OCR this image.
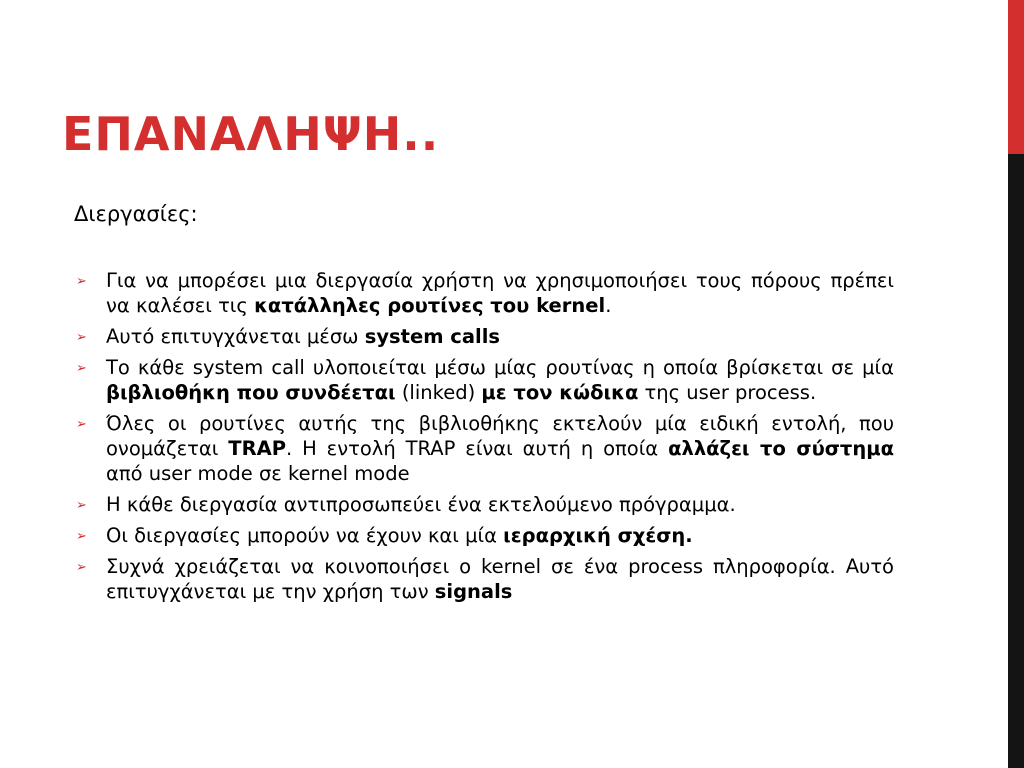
ΕΠΑΝΑΛΗΨΗ..

Διεργασίες:

➢ Για να μπορέσει μια διεργασία χρήστη να χρησιμοποιήσει τους πόρους πρέπει να καλέσει τις κατάλληλες ρουτίνες του kernel.
➢ Αυτό επιτυγχάνεται μέσω system calls
➢ Το κάθε system call υλοποιείται μέσω μίας ρουτίνας η οποία βρίσκεται σε μία βιβλιοθήκη που συνδέεται (linked) με τον κώδικα της user process.
➢ Όλες οι ρουτίνες αυτής της βιβλιοθήκης εκτελούν μία ειδική εντολή, που ονομάζεται TRAP. Η εντολή TRAP είναι αυτή η οποία αλλάζει το σύστημα από user mode σε kernel mode
➢ Η κάθε διεργασία αντιπροσωπεύει ένα εκτελούμενο πρόγραμμα.
➢ Οι διεργασίες μπορούν να έχουν και μία ιεραρχική σχέση.
➢ Συχνά χρειάζεται να κοινοποιήσει ο kernel σε ένα process πληροφορία. Αυτό επιτυγχάνεται με την χρήση των signals
